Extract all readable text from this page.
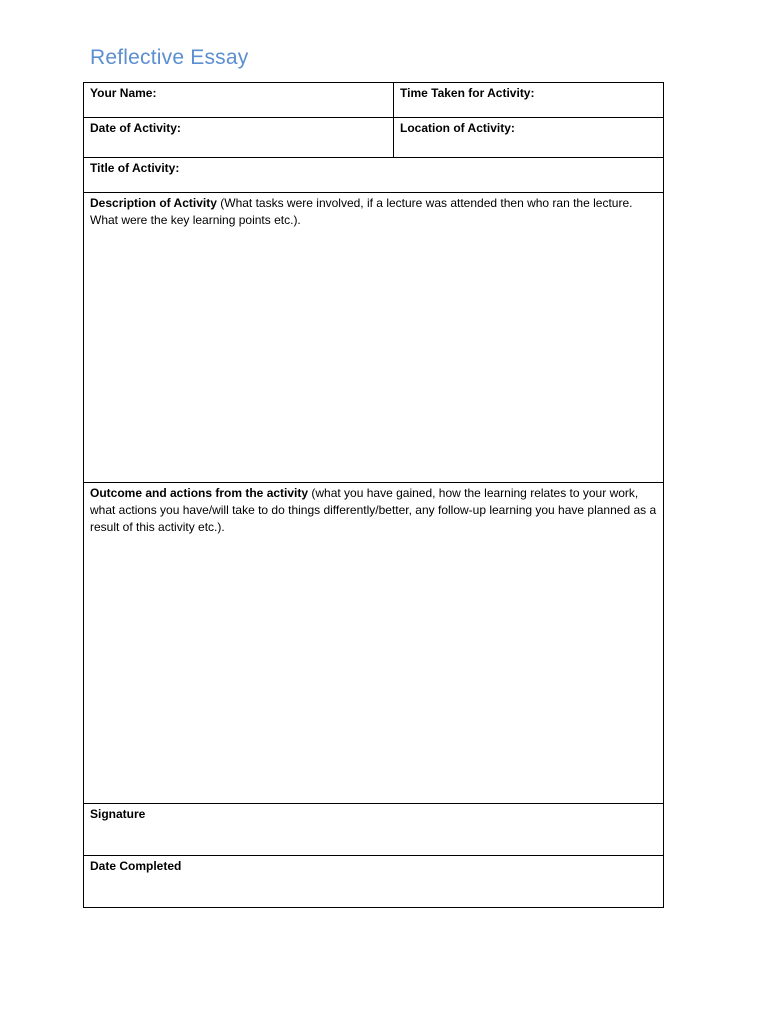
Reflective Essay
Your Name:	Time Taken for Activity:
Date of Activity:	Location of Activity:
Title of Activity:
Description of Activity (What tasks were involved, if a lecture was attended then who ran the lecture. What were the key learning points etc.).
Outcome and actions from the activity (what you have gained, how the learning relates to your work, what actions you have/will take to do things differently/better, any follow-up learning you have planned as a result of this activity etc.).
Signature
Date Completed
